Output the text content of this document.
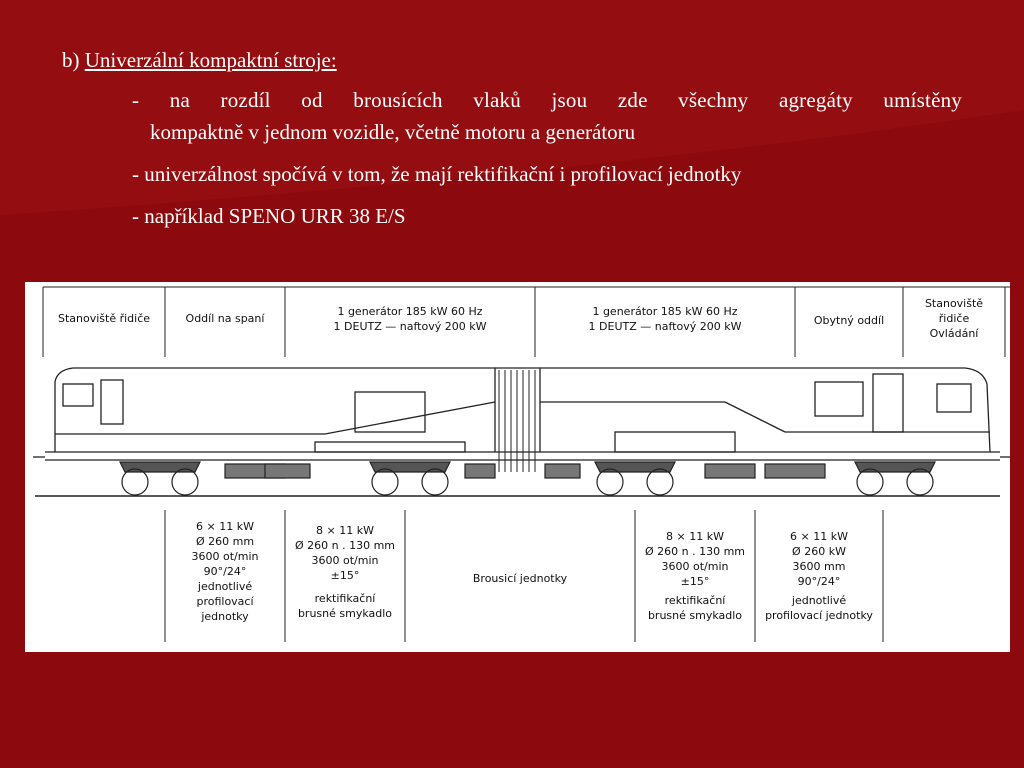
b) Univerzální kompaktní stroje:
- na rozdíl od brousících vlaků jsou zde všechny agregáty umístěny
kompaktně v jednom vozidle, včetně motoru a generátoru
- univerzálnost spočívá v tom, že mají rektifikační i profilovací jednotky
- například SPENO URR 38 E/S
Stanoviště řidiče	Oddíl na spaní
1 generátor 185 kW 60 Hz
1 DEUTZ — naftový 200 kW
1 generátor 185 kW 60 Hz
1 DEUTZ — naftový 200 kW	Obytný oddíl
Stanoviště
řidiče
Ovládání
6 × 11 kW
Ø 260 mm
3600 ot/min
90°/24°
jednotlivé
profilovací
jednotky
8 × 11 kW
Ø 260 n . 130 mm
3600 ot/min
±15°
rektifikační
brusné smykadlo
Brousicí jednotky
8 × 11 kW
Ø 260 n . 130 mm
3600 ot/min
±15°
rektifikační
brusné smykadlo
6 × 11 kW
Ø 260 kW
3600 mm
90°/24°
jednotlivé
profilovací jednotky
